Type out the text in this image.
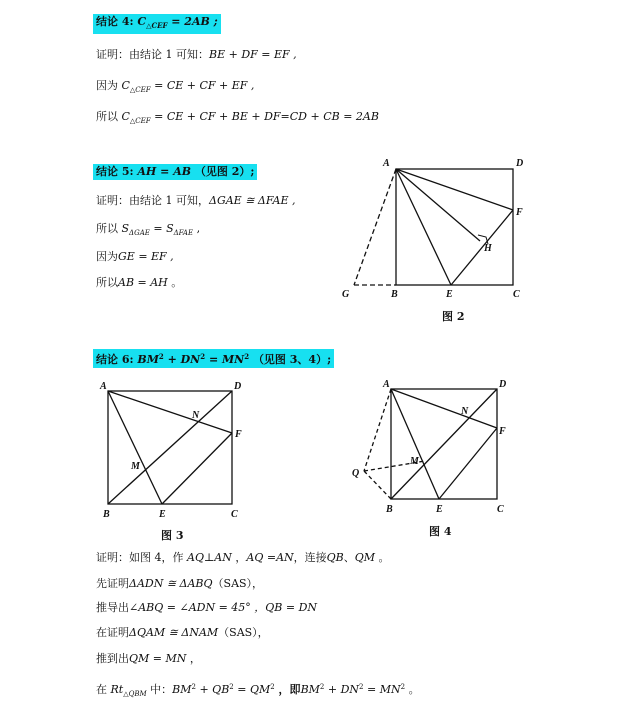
结论 4: $C_{\triangle CEF} = 2AB$ ;
证明：由结论 1 可知：BE + DF = EF ,
因为 $C_{\triangle CEF}$ = CE + CF + EF ,
所以 $C_{\triangle CEF}$ = CE + CF + BE + DF=CD + CB = 2AB
结论 5: AH = AB （见图 2）;
证明：由结论 1 可知，ΔGAE ≅ ΔFAE ,
所以 $S_{\Delta GAE} = S_{\Delta FAE}$ ,
因为GE = EF ,
所以AB = AH 。
结论 6: $BM^2 + DN^2 = MN^2$ （见图 3、4）;
A	D
F
H
G	B	E	C
A	D
N
F
M
B	E	C
A	D
N
F
M
Q
B	E	C
图 2
图 3	图 4
证明：如图 4，作 AQ⊥AN ，AQ =AN，连接QB、QM 。
先证明ΔADN ≅ ΔABQ（SAS），
推导出∠ABQ = ∠ADN = 45° ，QB = DN
在证明ΔQAM ≅ ΔNAM（SAS），
推到出QM = MN ，
在 $Rt_{\triangle QBM}$ 中：$BM^2 + QB^2 = QM^2$ ，即$BM^2 + DN^2 = MN^2$ 。
